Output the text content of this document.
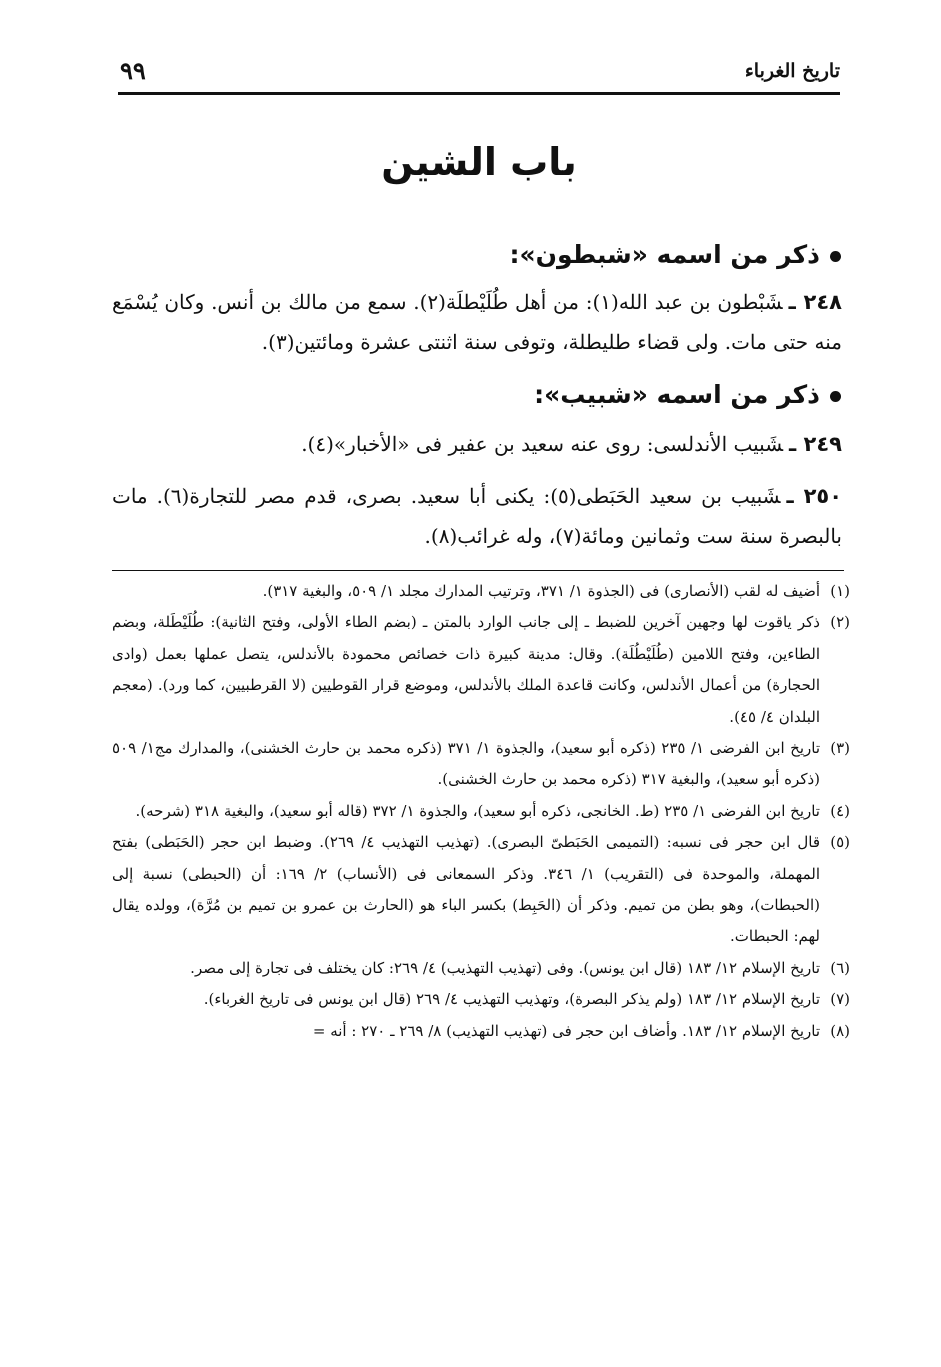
تاريخ الغرباء
٩٩
باب الشين
ذكر من اسمه «شبطون»:
٢٤٨ ـشَبْطون بن عبد الله(١): من أهل طُلَيْطلَة(٢). سمع من مالك بن أنس. وكان يُسْمَع منه حتى مات. ولى قضاء طليطلة، وتوفى سنة اثنتى عشرة ومائتين(٣).
ذكر من اسمه «شبيب»:
٢٤٩ ـشَبيب الأندلسى: روى عنه سعيد بن عفير فى «الأخبار»(٤).
٢٥٠ ـشَبيب بن سعيد الحَبَطى(٥): يكنى أبا سعيد. بصرى، قدم مصر للتجارة(٦). مات بالبصرة سنة ست وثمانين ومائة(٧)، وله غرائب(٨).

(١)أضيف له لقب (الأنصارى) فى (الجذوة ١/ ٣٧١، وترتيب المدارك مجلد ١/ ٥٠٩، والبغية ٣١٧).

(٢)ذكر ياقوت لها وجهين آخرين للضبط ـ إلى جانب الوارد بالمتن ـ (بضم الطاء الأولى، وفتح الثانية): طُلَيْطَلة، وبضم الطاءين، وفتح اللامين (طُلَيْطُلَة). وقال: مدينة كبيرة ذات خصائص محمودة بالأندلس، يتصل عملها بعمل (وادى الحجارة) من أعمال الأندلس، وكانت قاعدة الملك بالأندلس، وموضع قرار القوطيين (لا القرطبيين، كما ورد). (معجم البلدان ٤/ ٤٥).

(٣)تاريخ ابن الفرضى ١/ ٢٣٥ (ذكره أبو سعيد)، والجذوة ١/ ٣٧١ (ذكره محمد بن حارث الخشنى)، والمدارك مج١/ ٥٠٩ (ذكره أبو سعيد)، والبغية ٣١٧ (ذكره محمد بن حارث الخشنى).

(٤)تاريخ ابن الفرضى ١/ ٢٣٥ (ط. الخانجى، ذكره أبو سعيد)، والجذوة ١/ ٣٧٢ (قاله أبو سعيد)، والبغية ٣١٨ (شرحه).

(٥)قال ابن حجر فى نسبه: (التميمى الحَبَطىّ البصرى). (تهذيب التهذيب ٤/ ٢٦٩). وضبط ابن حجر (الحَبَطى) بفتح المهملة، والموحدة فى (التقريب) ١/ ٣٤٦. وذكر السمعانى فى (الأنساب) ٢/ ١٦٩: أن (الحبطى) نسبة إلى (الحبطات)، وهو بطن من تميم. وذكر أن (الحَبِط) بكسر الباء هو (الحارث بن عمرو بن تميم بن مُرَّة)، وولده يقال لهم: الحبطات.

(٦)تاريخ الإسلام ١٢/ ١٨٣ (قال ابن يونس). وفى (تهذيب التهذيب) ٤/ ٢٦٩: كان يختلف فى تجارة إلى مصر.

(٧)تاريخ الإسلام ١٢/ ١٨٣ (ولم يذكر البصرة)، وتهذيب التهذيب ٤/ ٢٦٩ (قال ابن يونس فى تاريخ الغرباء).

(٨)تاريخ الإسلام ١٢/ ١٨٣. وأضاف ابن حجر فى (تهذيب التهذيب) ٨/ ٢٦٩ ـ ٢٧٠ : أنه =
